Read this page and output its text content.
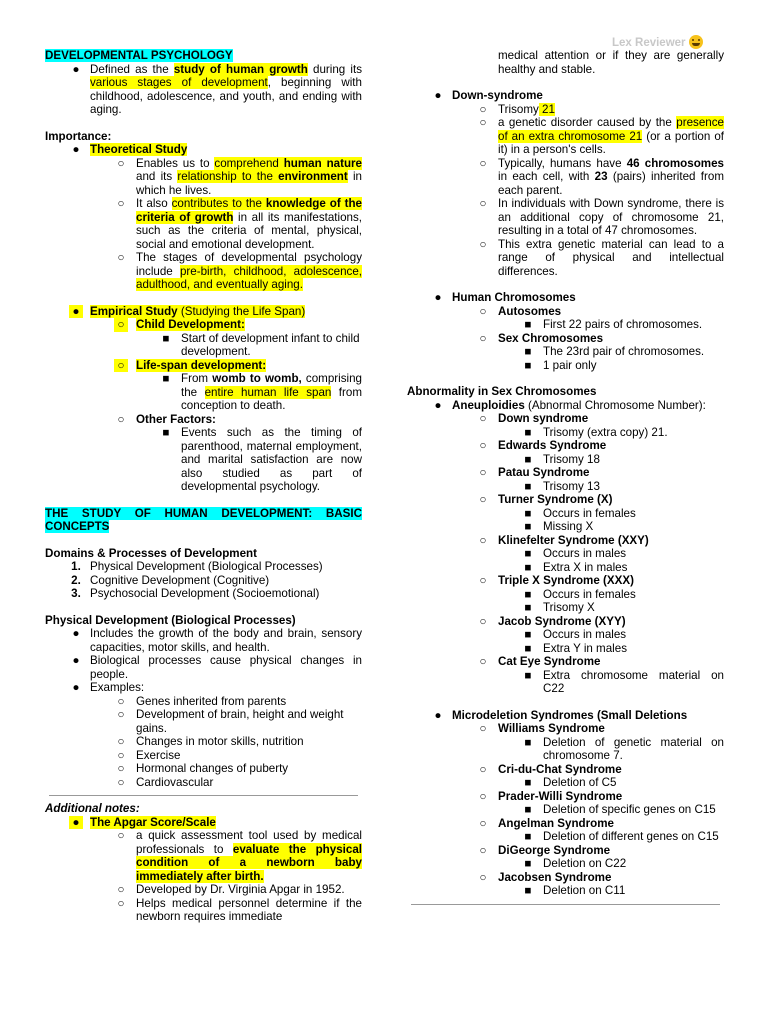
Lex Reviewer

DEVELOPMENTAL PSYCHOLOGY

● Defined as the study of human growth during its various stages of development, beginning with childhood, adolescence, and youth, and ending with aging.

Importance:

● Theoretical Study
○ Enables us to comprehend human nature and its relationship to the environment in which he lives.
○ It also contributes to the knowledge of the criteria of growth in all its manifestations, such as the criteria of mental, physical, social and emotional development.
○ The stages of developmental psychology include pre-birth, childhood, adolescence, adulthood, and eventually aging.
● Empirical Study (Studying the Life Span)
○ Child Development:
■ Start of development infant to child development.
○ Life-span development:
■ From womb to womb, comprising the entire human life span from conception to death.
○ Other Factors:
■ Events such as the timing of parenthood, maternal employment, and marital satisfaction are now also studied as part of developmental psychology.

THE STUDY OF HUMAN DEVELOPMENT: BASIC CONCEPTS

Domains & Processes of Development

1. Physical Development (Biological Processes)
2. Cognitive Development (Cognitive)
3. Psychosocial Development (Socioemotional)

Physical Development (Biological Processes)

● Includes the growth of the body and brain, sensory capacities, motor skills, and health.
● Biological processes cause physical changes in people.
● Examples:
○ Genes inherited from parents
○ Development of brain, height and weight gains.
○ Changes in motor skills, nutrition
○ Exercise
○ Hormonal changes of puberty
○ Cardiovascular

Additional notes:

● The Apgar Score/Scale
○ a quick assessment tool used by medical professionals to evaluate the physical condition of a newborn baby immediately after birth.
○ Developed by Dr. Virginia Apgar in 1952.
○ Helps medical personnel determine if the newborn requires immediate
medical attention or if they are generally healthy and stable.
● Down-syndrome
○ Trisomy 21
○ a genetic disorder caused by the presence of an extra chromosome 21 (or a portion of it) in a person's cells.
○ Typically, humans have 46 chromosomes in each cell, with 23 (pairs) inherited from each parent.
○ In individuals with Down syndrome, there is an additional copy of chromosome 21, resulting in a total of 47 chromosomes.
○ This extra genetic material can lead to a range of physical and intellectual differences.
● Human Chromosomes
○ Autosomes
■ First 22 pairs of chromosomes.
○ Sex Chromosomes
■ The 23rd pair of chromosomes.
■ 1 pair only

Abnormality in Sex Chromosomes

● Aneuploidies (Abnormal Chromosome Number):
○ Down syndrome
■ Trisomy (extra copy) 21.
○ Edwards Syndrome
■ Trisomy 18
○ Patau Syndrome
■ Trisomy 13
○ Turner Syndrome (X)
■ Occurs in females
■ Missing X
○ Klinefelter Syndrome (XXY)
■ Occurs in males
■ Extra X in males
○ Triple X Syndrome (XXX)
■ Occurs in females
■ Trisomy X
○ Jacob Syndrome (XYY)
■ Occurs in males
■ Extra Y in males
○ Cat Eye Syndrome
■ Extra chromosome material on C22
● Microdeletion Syndromes (Small Deletions
○ Williams Syndrome
■ Deletion of genetic material on chromosome 7.
○ Cri-du-Chat Syndrome
■ Deletion of C5
○ Prader-Willi Syndrome
■ Deletion of specific genes on C15
○ Angelman Syndrome
■ Deletion of different genes on C15
○ DiGeorge Syndrome
■ Deletion on C22
○ Jacobsen Syndrome
■ Deletion on C11
